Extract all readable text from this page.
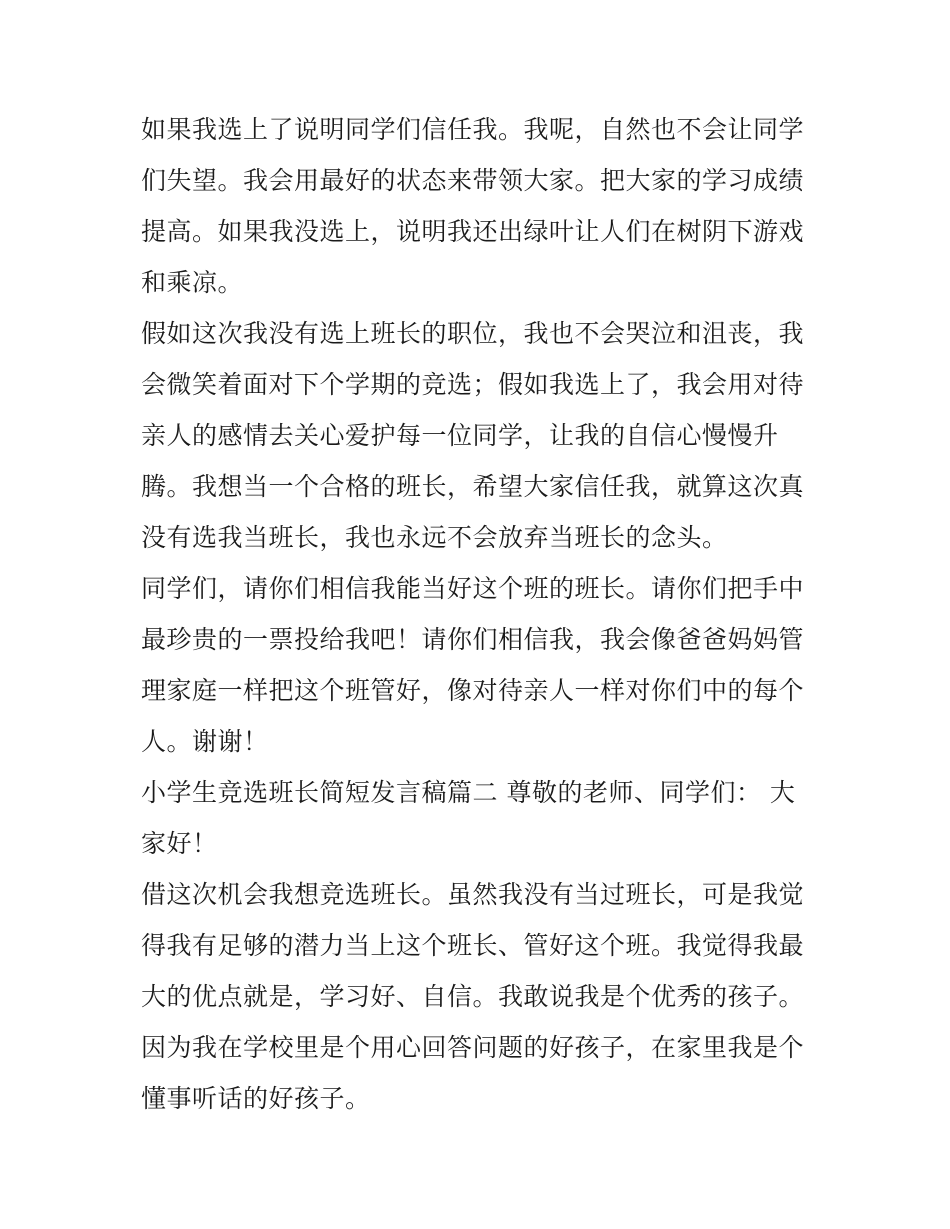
如果我选上了说明同学们信任我。我呢，自然也不会让同学们失望。我会用最好的状态来带领大家。把大家的学习成绩提高。如果我没选上，说明我还出绿叶让人们在树阴下游戏和乘凉。

假如这次我没有选上班长的职位，我也不会哭泣和沮丧，我会微笑着面对下个学期的竞选；假如我选上了，我会用对待亲人的感情去关心爱护每一位同学，让我的自信心慢慢升腾。我想当一个合格的班长，希望大家信任我，就算这次真没有选我当班长，我也永远不会放弃当班长的念头。

同学们，请你们相信我能当好这个班的班长。请你们把手中最珍贵的一票投给我吧！请你们相信我，我会像爸爸妈妈管理家庭一样把这个班管好，像对待亲人一样对你们中的每个人。谢谢！

小学生竞选班长简短发言稿篇二 尊敬的老师、同学们： 大家好！

借这次机会我想竞选班长。虽然我没有当过班长，可是我觉得我有足够的潜力当上这个班长、管好这个班。我觉得我最大的优点就是，学习好、自信。我敢说我是个优秀的孩子。因为我在学校里是个用心回答问题的好孩子，在家里我是个懂事听话的好孩子。
